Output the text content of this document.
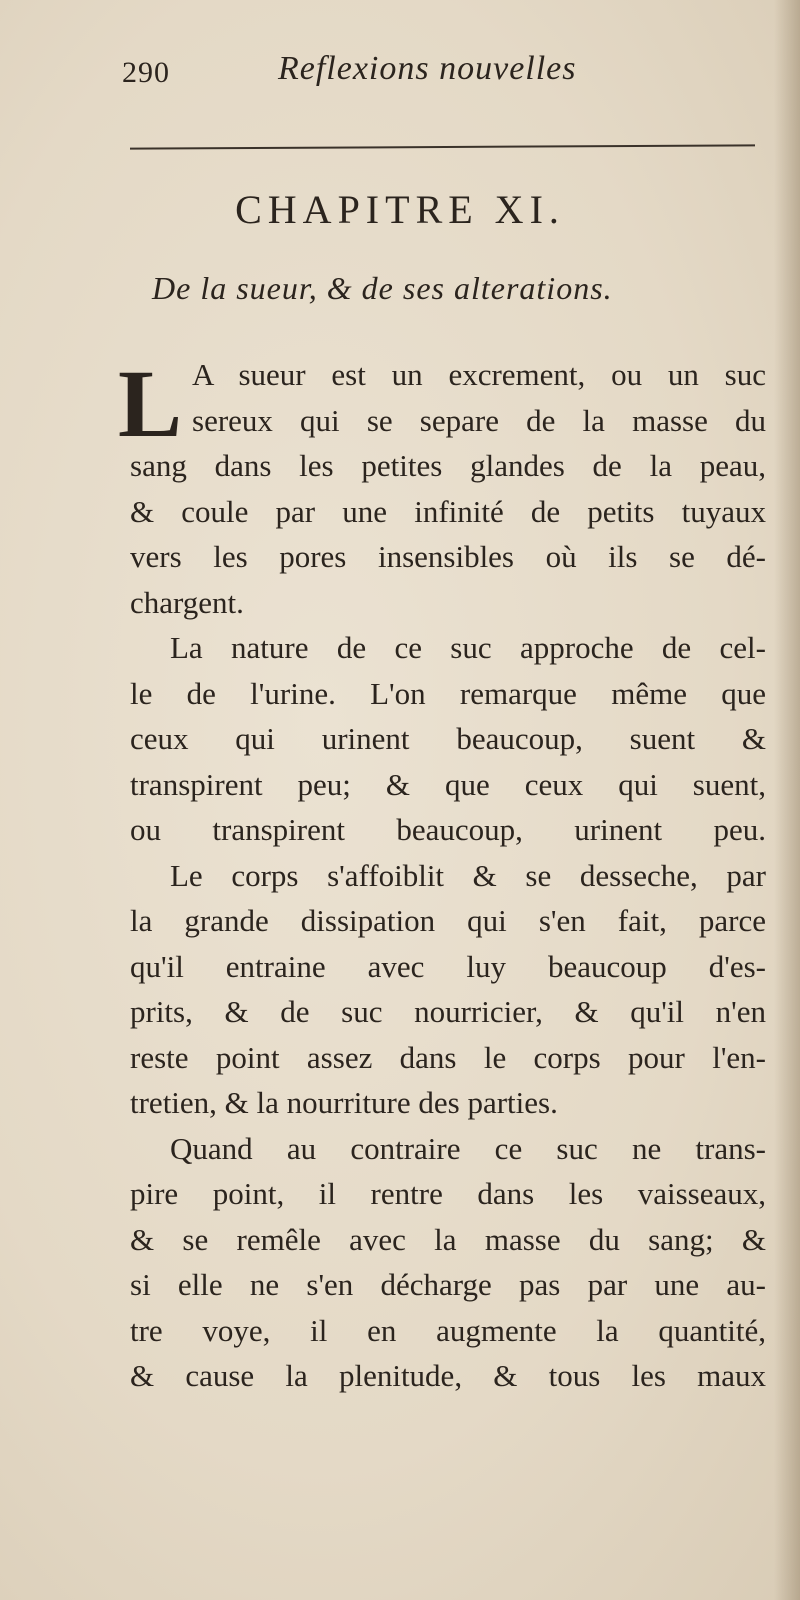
290	Reflexions nouvelles
CHAPITRE XI.
De la sueur, & de ses alterations.
L A sueur est un excrement, ou un suc
sereux qui se separe de la masse du
sang dans les petites glandes de la peau,
& coule par une infinité de petits tuyaux
vers les pores insensibles où ils se dé-
chargent.
La nature de ce suc approche de cel-
le de l'urine. L'on remarque même que
ceux qui urinent beaucoup, suent &
transpirent peu; & que ceux qui suent,
ou transpirent beaucoup, urinent peu.
Le corps s'affoiblit & se desseche, par
la grande dissipation qui s'en fait, parce
qu'il entraine avec luy beaucoup d'es-
prits, & de suc nourricier, & qu'il n'en
reste point assez dans le corps pour l'en-
tretien, & la nourriture des parties.
Quand au contraire ce suc ne trans-
pire point, il rentre dans les vaisseaux,
& se remêle avec la masse du sang; &
si elle ne s'en décharge pas par une au-
tre voye, il en augmente la quantité,
& cause la plenitude, & tous les maux
